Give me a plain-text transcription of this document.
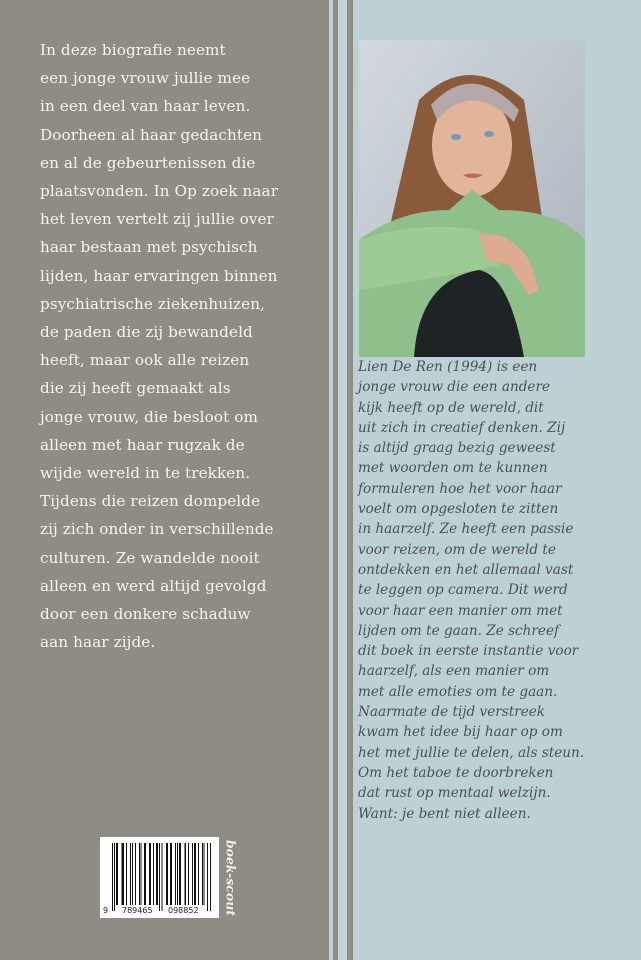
In deze biografie neemt
een jonge vrouw jullie mee
in een deel van haar leven.
Doorheen al haar gedachten
en al de gebeurtenissen die
plaatsvonden. In Op zoek naar
het leven vertelt zij jullie over
haar bestaan met psychisch
lijden, haar ervaringen binnen
psychiatrische ziekenhuizen,
de paden die zij bewandeld
heeft, maar ook alle reizen
die zij heeft gemaakt als
jonge vrouw, die besloot om
alleen met haar rugzak de
wijde wereld in te trekken.
Tijdens die reizen dompelde
zij zich onder in verschillende
culturen. Ze wandelde nooit
alleen en werd altijd gevolgd
door een donkere schaduw
aan haar zijde.
Lien De Ren (1994) is een
jonge vrouw die een andere
kijk heeft op de wereld, dit
uit zich in creatief denken. Zij
is altijd graag bezig geweest
met woorden om te kunnen
formuleren hoe het voor haar
voelt om opgesloten te zitten
in haarzelf. Ze heeft een passie
voor reizen, om de wereld te
ontdekken en het allemaal vast
te leggen op camera. Dit werd
voor haar een manier om met
lijden om te gaan. Ze schreef
dit boek in eerste instantie voor
haarzelf, als een manier om
met alle emoties om te gaan.
Naarmate de tijd verstreek
kwam het idee bij haar op om
het met jullie te delen, als steun.
Om het taboe te doorbreken
dat rust op mentaal welzijn.
Want: je bent niet alleen.
9 789465 098852 boek-scout
